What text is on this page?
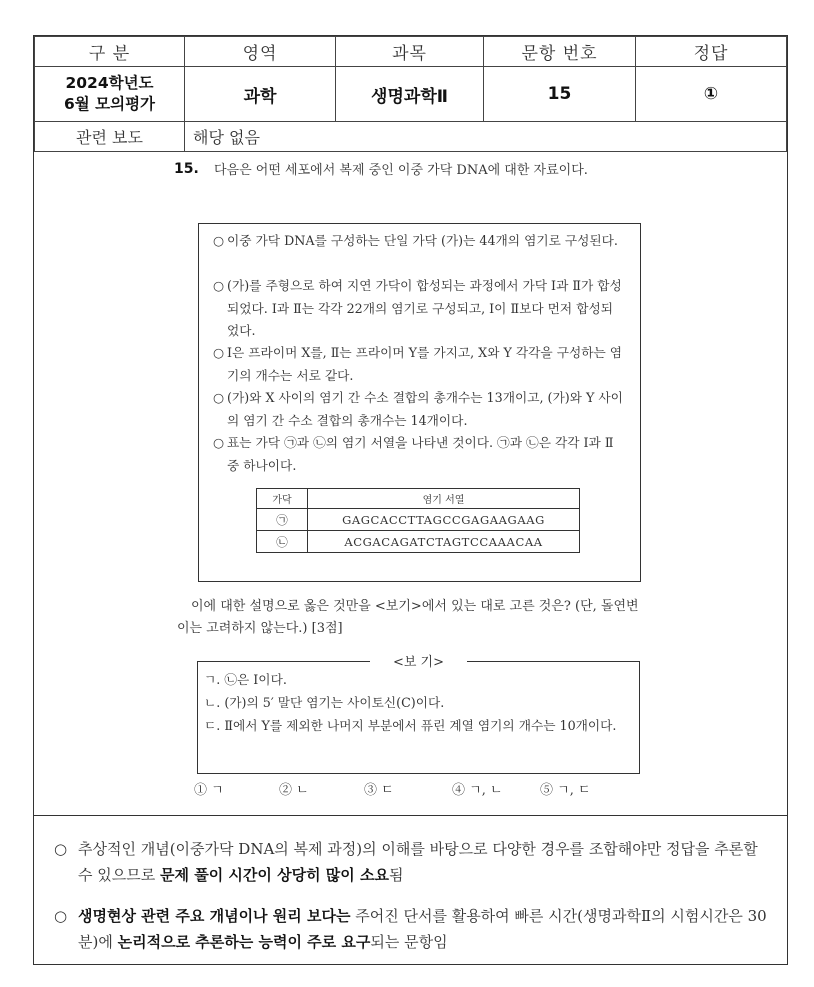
구 분	영역	과목	문항 번호	정답

2024학년도
6월 모의평가	과학	생명과학Ⅱ	15	①
관련 보도	해당 없음			
15.	다음은 어떤 세포에서 복제 중인 이중 가닥 DNA에 대한 자료이다.
○ 이중 가닥 DNA를 구성하는 단일 가닥 (가)는 44개의 염기로 구성된다.
○ (가)를 주형으로 하여 지연 가닥이 합성되는 과정에서 가닥 Ⅰ과 Ⅱ가 합성되었다. Ⅰ과 Ⅱ는 각각 22개의 염기로 구성되고, Ⅰ이 Ⅱ보다 먼저 합성되었다.
○ Ⅰ은 프라이머 X를, Ⅱ는 프라이머 Y를 가지고, X와 Y 각각을 구성하는 염기의 개수는 서로 같다.
○ (가)와 X 사이의 염기 간 수소 결합의 총개수는 13개이고, (가)와 Y 사이의 염기 간 수소 결합의 총개수는 14개이다.
○ 표는 가닥 ㉠과 ㉡의 염기 서열을 나타낸 것이다. ㉠과 ㉡은 각각 Ⅰ과 Ⅱ 중 하나이다.
가닥	염기 서열
㉠	GAGCACCTTAGCCGAGAAGAAG
㉡	ACGACAGATCTAGTCCAAACAA
이에 대한 설명으로 옳은 것만을 <보기>에서 있는 대로 고른 것은? (단, 돌연변이는 고려하지 않는다.) [3점]
<보 기>
ㄱ. ㉡은 Ⅰ이다.
ㄴ. (가)의 5′ 말단 염기는 사이토신(C)이다.
ㄷ. Ⅱ에서 Y를 제외한 나머지 부분에서 퓨린 계열 염기의 개수는 10개이다.
① ㄱ	② ㄴ	③ ㄷ	④ ㄱ, ㄴ	⑤ ㄱ, ㄷ
○ 추상적인 개념(이중가닥 DNA의 복제 과정)의 이해를 바탕으로 다양한 경우를 조합해야만 정답을 추론할 수 있으므로 문제 풀이 시간이 상당히 많이 소요됨
○ 생명현상 관련 주요 개념이나 원리 보다는 주어진 단서를 활용하여 빠른 시간(생명과학Ⅱ의 시험시간은 30분)에 논리적으로 추론하는 능력이 주로 요구되는 문항임
